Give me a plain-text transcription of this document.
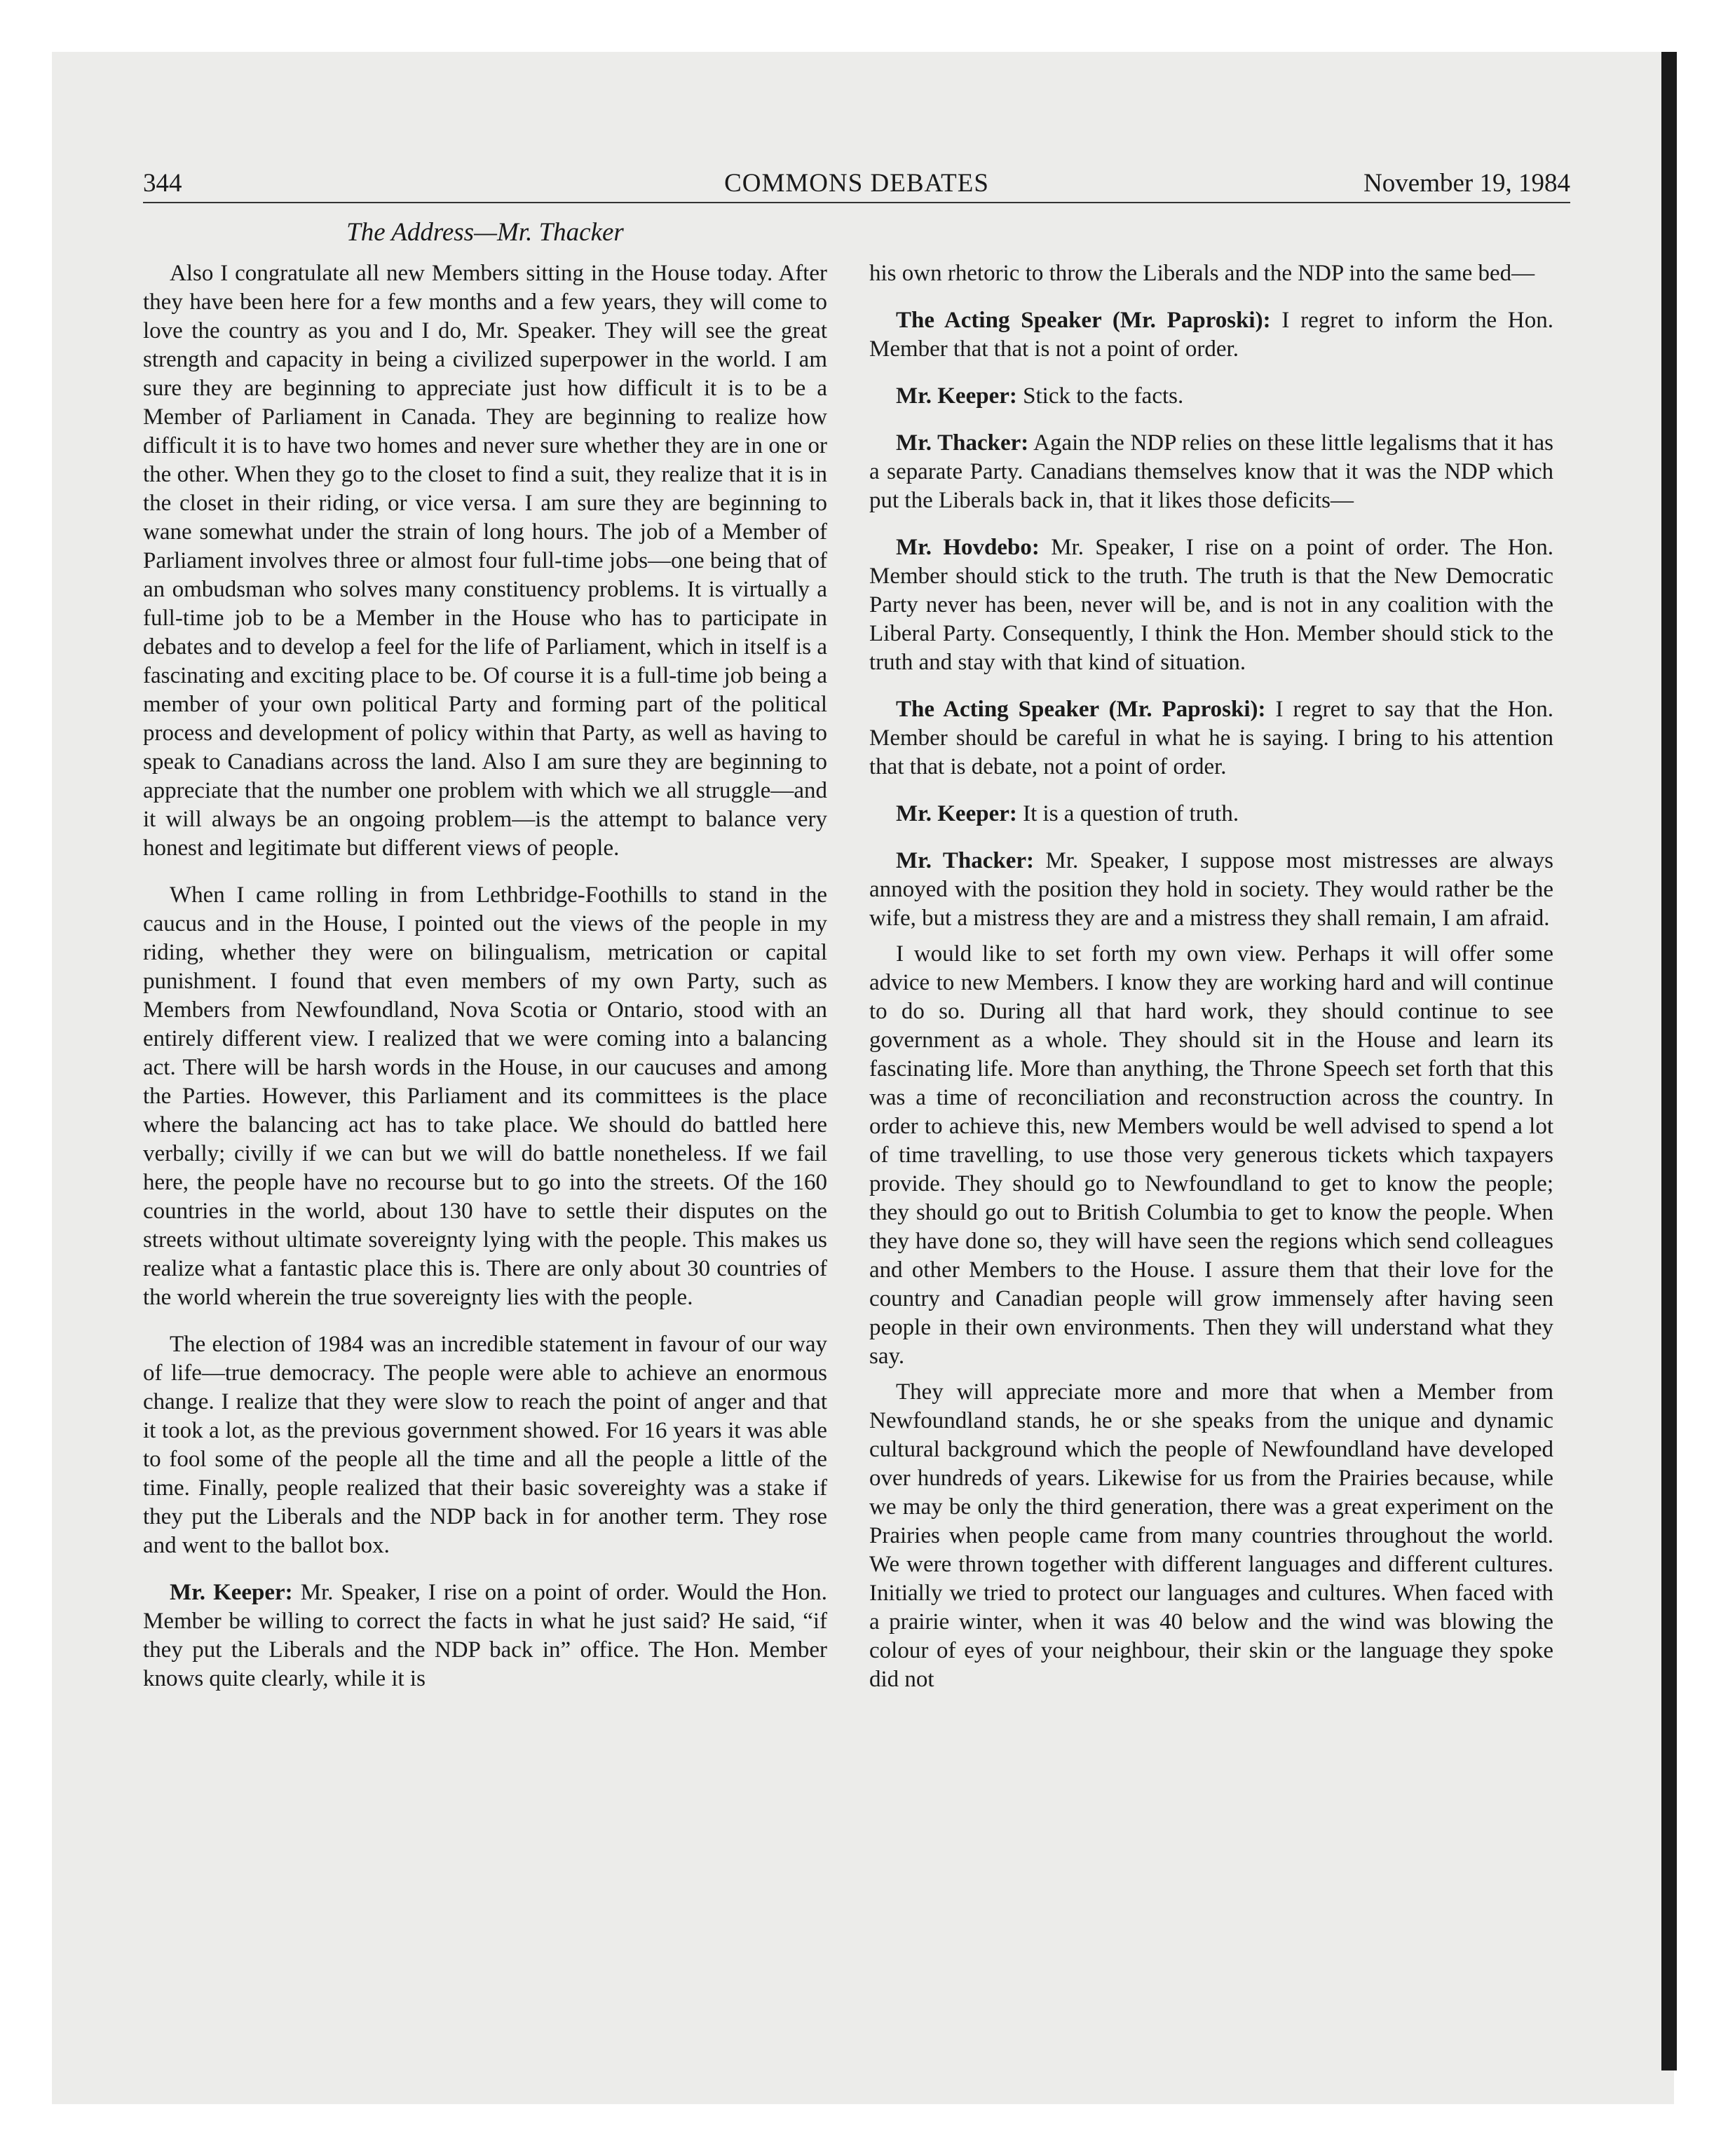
344	COMMONS DEBATES	November 19, 1984
The Address—Mr. Thacker

Also I congratulate all new Members sitting in the House today. After they have been here for a few months and a few years, they will come to love the country as you and I do, Mr. Speaker. They will see the great strength and capacity in being a civilized superpower in the world. I am sure they are beginning to appreciate just how difficult it is to be a Member of Parliament in Canada. They are beginning to realize how difficult it is to have two homes and never sure whether they are in one or the other. When they go to the closet to find a suit, they realize that it is in the closet in their riding, or vice versa. I am sure they are beginning to wane somewhat under the strain of long hours. The job of a Member of Parliament involves three or almost four full-time jobs—one being that of an ombudsman who solves many constituency problems. It is virtually a full-time job to be a Member in the House who has to participate in debates and to develop a feel for the life of Parliament, which in itself is a fascinating and exciting place to be. Of course it is a full-time job being a member of your own political Party and forming part of the political process and development of policy within that Party, as well as having to speak to Canadians across the land. Also I am sure they are beginning to appreciate that the number one problem with which we all struggle—and it will always be an ongoing problem—is the attempt to balance very honest and legitimate but different views of people.

When I came rolling in from Lethbridge-Foothills to stand in the caucus and in the House, I pointed out the views of the people in my riding, whether they were on bilingualism, metrication or capital punishment. I found that even members of my own Party, such as Members from Newfoundland, Nova Scotia or Ontario, stood with an entirely different view. I realized that we were coming into a balancing act. There will be harsh words in the House, in our caucuses and among the Parties. However, this Parliament and its committees is the place where the balancing act has to take place. We should do battled here verbally; civilly if we can but we will do battle nonetheless. If we fail here, the people have no recourse but to go into the streets. Of the 160 countries in the world, about 130 have to settle their disputes on the streets without ultimate sovereignty lying with the people. This makes us realize what a fantastic place this is. There are only about 30 countries of the world wherein the true sovereignty lies with the people.

The election of 1984 was an incredible statement in favour of our way of life—true democracy. The people were able to achieve an enormous change. I realize that they were slow to reach the point of anger and that it took a lot, as the previous government showed. For 16 years it was able to fool some of the people all the time and all the people a little of the time. Finally, people realized that their basic sovereighty was a stake if they put the Liberals and the NDP back in for another term. They rose and went to the ballot box.

Mr. Keeper: Mr. Speaker, I rise on a point of order. Would the Hon. Member be willing to correct the facts in what he just said? He said, “if they put the Liberals and the NDP back in” office. The Hon. Member knows quite clearly, while it is

his own rhetoric to throw the Liberals and the NDP into the same bed—

The Acting Speaker (Mr. Paproski): I regret to inform the Hon. Member that that is not a point of order.

Mr. Keeper: Stick to the facts.

Mr. Thacker: Again the NDP relies on these little legalisms that it has a separate Party. Canadians themselves know that it was the NDP which put the Liberals back in, that it likes those deficits—

Mr. Hovdebo: Mr. Speaker, I rise on a point of order. The Hon. Member should stick to the truth. The truth is that the New Democratic Party never has been, never will be, and is not in any coalition with the Liberal Party. Consequently, I think the Hon. Member should stick to the truth and stay with that kind of situation.

The Acting Speaker (Mr. Paproski): I regret to say that the Hon. Member should be careful in what he is saying. I bring to his attention that that is debate, not a point of order.

Mr. Keeper: It is a question of truth.

Mr. Thacker: Mr. Speaker, I suppose most mistresses are always annoyed with the position they hold in society. They would rather be the wife, but a mistress they are and a mistress they shall remain, I am afraid.

I would like to set forth my own view. Perhaps it will offer some advice to new Members. I know they are working hard and will continue to do so. During all that hard work, they should continue to see government as a whole. They should sit in the House and learn its fascinating life. More than anything, the Throne Speech set forth that this was a time of reconciliation and reconstruction across the country. In order to achieve this, new Members would be well advised to spend a lot of time travelling, to use those very generous tickets which taxpayers provide. They should go to Newfoundland to get to know the people; they should go out to British Columbia to get to know the people. When they have done so, they will have seen the regions which send colleagues and other Members to the House. I assure them that their love for the country and Canadian people will grow immensely after having seen people in their own environments. Then they will understand what they say.

They will appreciate more and more that when a Member from Newfoundland stands, he or she speaks from the unique and dynamic cultural background which the people of Newfoundland have developed over hundreds of years. Likewise for us from the Prairies because, while we may be only the third generation, there was a great experiment on the Prairies when people came from many countries throughout the world. We were thrown together with different languages and different cultures. Initially we tried to protect our languages and cultures. When faced with a prairie winter, when it was 40 below and the wind was blowing the colour of eyes of your neighbour, their skin or the language they spoke did not
